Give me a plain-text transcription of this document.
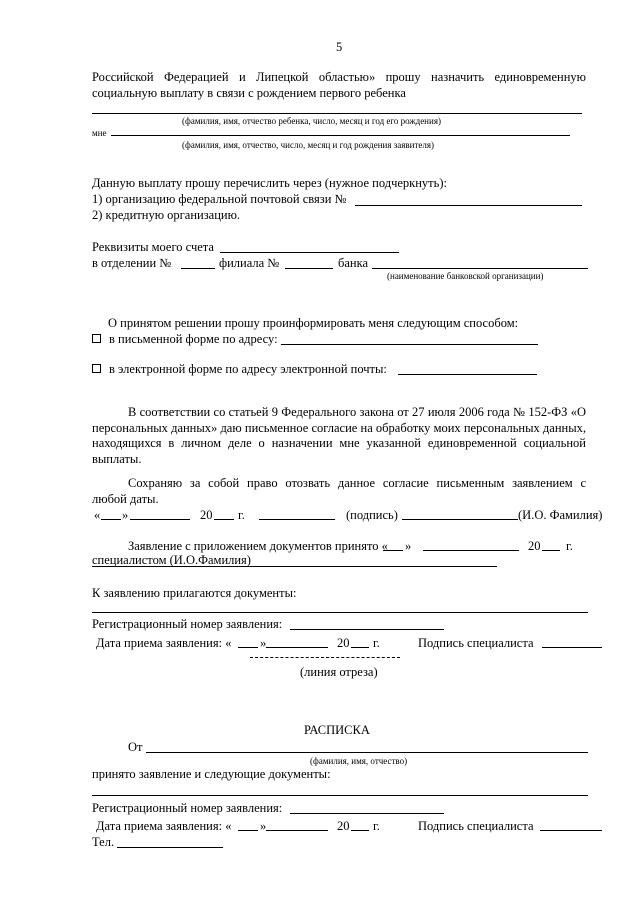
5
Российской Федерацией и Липецкой областью» прошу назначить единовременную
социальную выплату в связи с рождением первого ребенка
(фамилия, имя, отчество ребенка, число, месяц и год его рождения)
мне
(фамилия, имя, отчество, число, месяц и год рождения заявителя)
Данную выплату прошу перечислить через (нужное подчеркнуть):
1) организацию федеральной почтовой связи №
2) кредитную организацию.
Реквизиты моего счета
в отделении №	филиала №	банка
(наименование банковской организации)
О принятом решении прошу проинформировать меня следующим способом:
в письменной форме по адресу:
в электронной форме по адресу электронной почты:
В соответствии со статьей 9 Федерального закона от 27 июля 2006 года № 152-ФЗ «О персональных данных» даю письменное согласие на обработку моих персональных данных, находящихся в личном деле о назначении мне указанной единовременной социальной выплаты.
Сохраняю за собой право отозвать данное согласие письменным заявлением с
любой даты.
« »	20 г.	(подпись)	(И.О. Фамилия)
Заявление с приложением документов принято « »	20 г.
специалистом (И.О.Фамилия)
К заявлению прилагаются документы:
Регистрационный номер заявления:
Дата приема заявления: « »	20 г.	Подпись специалиста
(линия отреза)
РАСПИСКА
От
(фамилия, имя, отчество)
принято заявление и следующие документы:
Регистрационный номер заявления:
Дата приема заявления: « »	20 г.	Подпись специалиста
Тел.
